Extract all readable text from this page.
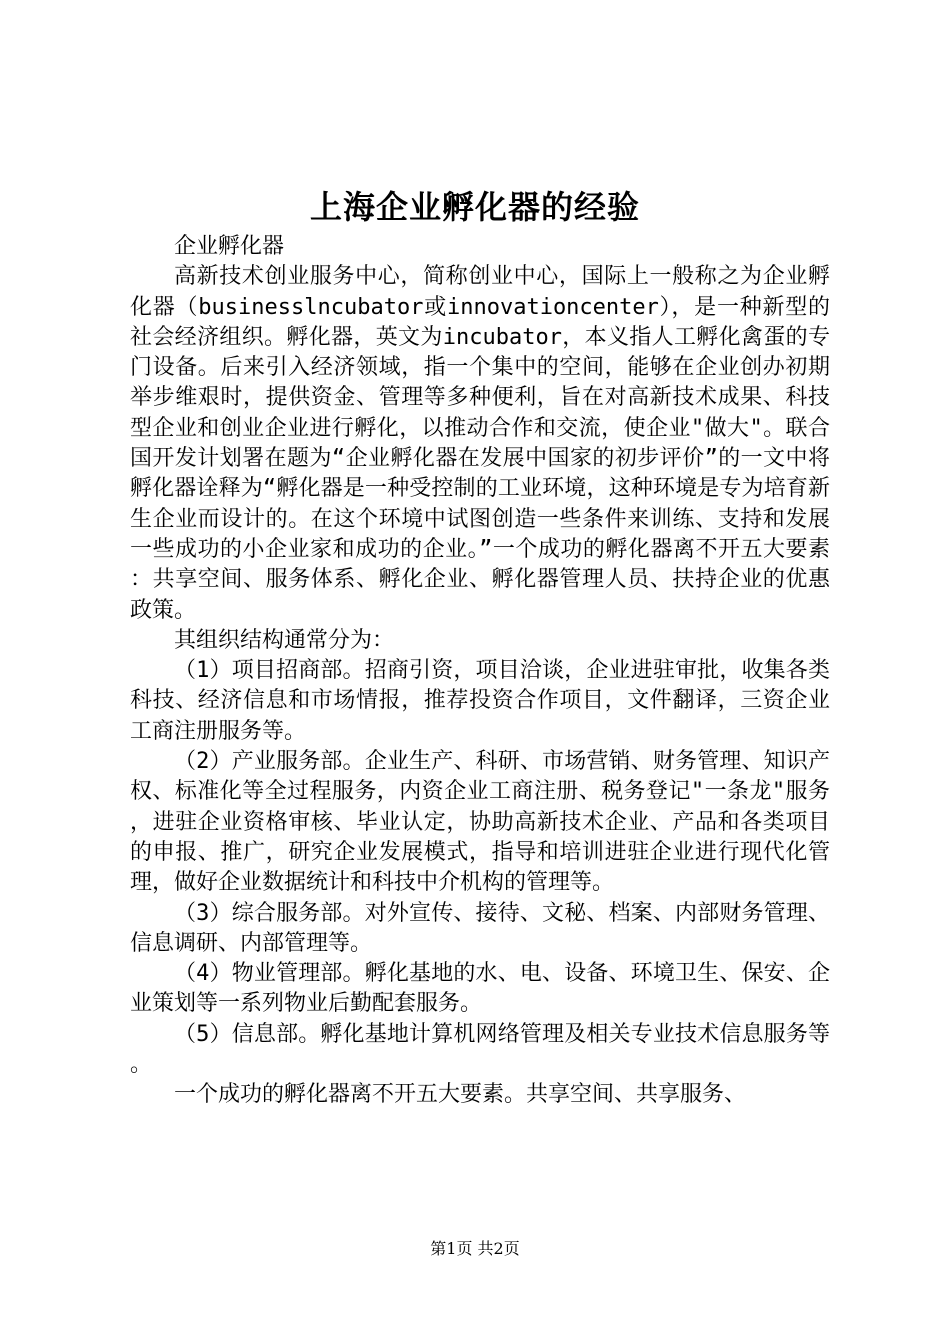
上海企业孵化器的经验

企业孵化器

高新技术创业服务中心，简称创业中心，国际上一般称之为企业孵化器（businesslncubator或innovationcenter），是一种新型的社会经济组织。孵化器，英文为incubator，本义指人工孵化禽蛋的专门设备。后来引入经济领域，指一个集中的空间，能够在企业创办初期举步维艰时，提供资金、管理等多种便利，旨在对高新技术成果、科技型企业和创业企业进行孵化，以推动合作和交流，使企业"做大"。联合国开发计划署在题为“企业孵化器在发展中国家的初步评价”的一文中将孵化器诠释为“孵化器是一种受控制的工业环境，这种环境是专为培育新生企业而设计的。在这个环境中试图创造一些条件来训练、支持和发展一些成功的小企业家和成功的企业。”一个成功的孵化器离不开五大要素：共享空间、服务体系、孵化企业、孵化器管理人员、扶持企业的优惠政策。

其组织结构通常分为：

（1）项目招商部。招商引资，项目洽谈，企业进驻审批，收集各类科技、经济信息和市场情报，推荐投资合作项目，文件翻译，三资企业工商注册服务等。

（2）产业服务部。企业生产、科研、市场营销、财务管理、知识产权、标准化等全过程服务，内资企业工商注册、税务登记"一条龙"服务，进驻企业资格审核、毕业认定，协助高新技术企业、产品和各类项目的申报、推广，研究企业发展模式，指导和培训进驻企业进行现代化管理，做好企业数据统计和科技中介机构的管理等。

（3）综合服务部。对外宣传、接待、文秘、档案、内部财务管理、信息调研、内部管理等。

（4）物业管理部。孵化基地的水、电、设备、环境卫生、保安、企业策划等一系列物业后勤配套服务。

（5）信息部。孵化基地计算机网络管理及相关专业技术信息服务等。

一个成功的孵化器离不开五大要素。共享空间、共享服务、

第1页 共2页
